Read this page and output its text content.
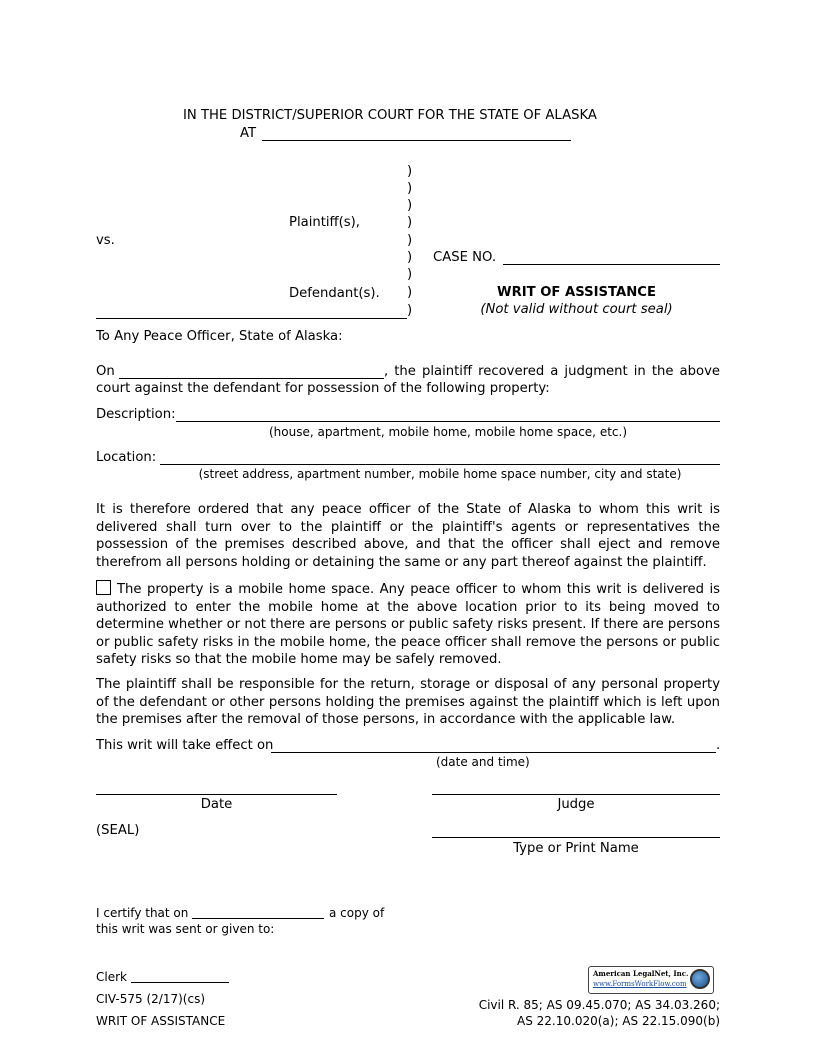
IN THE DISTRICT/SUPERIOR COURT FOR THE STATE OF ALASKA
AT
)
)
)
)
)
)
)
)
)
Plaintiff(s),
vs.
Defendant(s).
CASE NO.
WRIT OF ASSISTANCE
(Not valid without court seal)
To Any Peace Officer, State of Alaska:
On	, the plaintiff recovered a judgment in the above
court against the defendant for possession of the following property:
Description:
(house, apartment, mobile home, mobile home space, etc.)
Location:
(street address, apartment number, mobile home space number, city and state)
It is therefore ordered that any peace officer of the State of Alaska to whom this writ is delivered shall turn over to the plaintiff or the plaintiff's agents or representatives the possession of the premises described above, and that the officer shall eject and remove therefrom all persons holding or detaining the same or any part thereof against the plaintiff.
The property is a mobile home space. Any peace officer to whom this writ is delivered is authorized to enter the mobile home at the above location prior to its being moved to determine whether or not there are persons or public safety risks present. If there are persons or public safety risks in the mobile home, the peace officer shall remove the persons or public safety risks so that the mobile home may be safely removed.
The plaintiff shall be responsible for the return, storage or disposal of any personal property of the defendant or other persons holding the premises against the plaintiff which is left upon the premises after the removal of those persons, in accordance with the applicable law.
This writ will take effect on	.
(date and time)
Date	Judge
(SEAL)
Type or Print Name
I certify that on	a copy of
this writ was sent or given to:
Clerk
CIV-575 (2/17)(cs)
WRIT OF ASSISTANCE
American LegalNet, Inc.
www.FormsWorkFlow.com
Civil R. 85; AS 09.45.070; AS 34.03.260;
AS 22.10.020(a); AS 22.15.090(b)
